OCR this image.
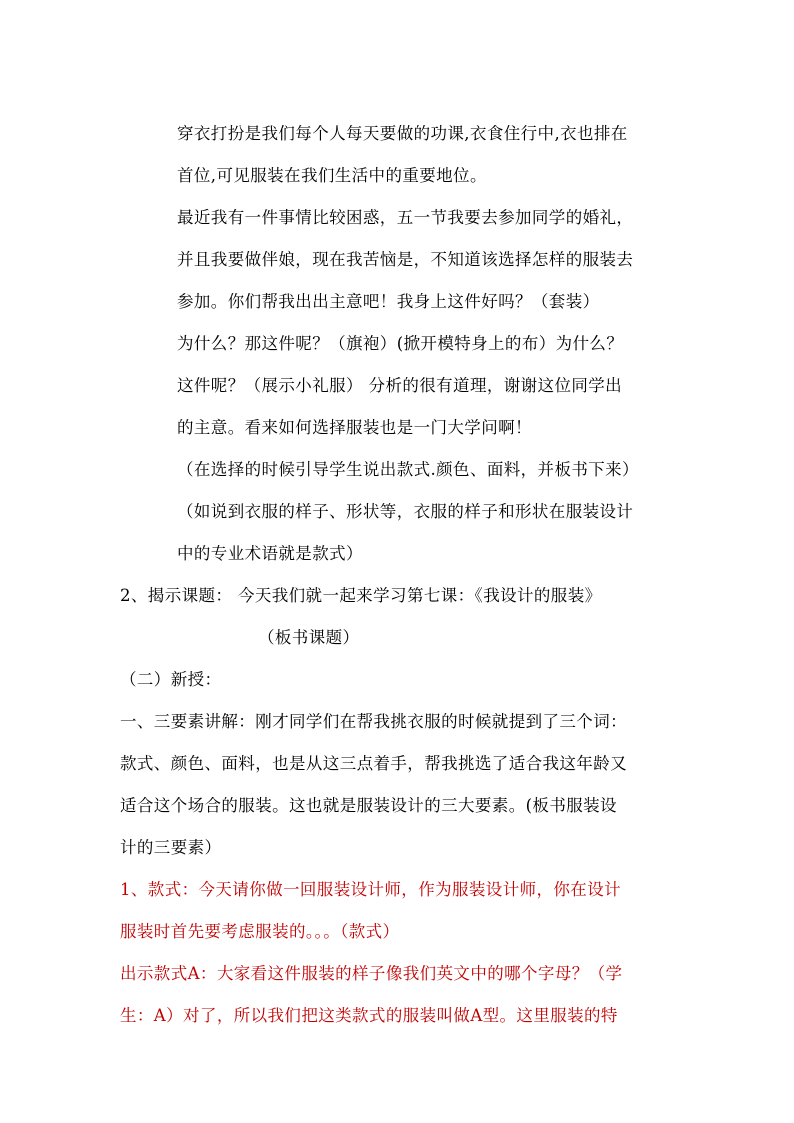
穿衣打扮是我们每个人每天要做的功课,衣食住行中,衣也排在

首位,可见服装在我们生活中的重要地位。

最近我有一件事情比较困惑，五一节我要去参加同学的婚礼，

并且我要做伴娘，现在我苦恼是，不知道该选择怎样的服装去

参加。你们帮我出出主意吧！我身上这件好吗？（套装）

为什么？那这件呢？（旗袍）(掀开模特身上的布）为什么？

这件呢？（展示小礼服） 分析的很有道理，谢谢这位同学出

的主意。看来如何选择服装也是一门大学问啊！

（在选择的时候引导学生说出款式.颜色、面料，并板书下来）

（如说到衣服的样子、形状等，衣服的样子和形状在服装设计

中的专业术语就是款式）

2、揭示课题： 今天我们就一起来学习第七课：《我设计的服装》

（板书课题）

（二）新授：

一、三要素讲解：刚才同学们在帮我挑衣服的时候就提到了三个词：

款式、颜色、面料，也是从这三点着手，帮我挑选了适合我这年龄又

适合这个场合的服装。这也就是服装设计的三大要素。(板书服装设

计的三要素）

1、款式：今天请你做一回服装设计师，作为服装设计师，你在设计

服装时首先要考虑服装的。。。（款式）

出示款式A：大家看这件服装的样子像我们英文中的哪个字母？（学

生：A）对了，所以我们把这类款式的服装叫做A型。这里服装的特
